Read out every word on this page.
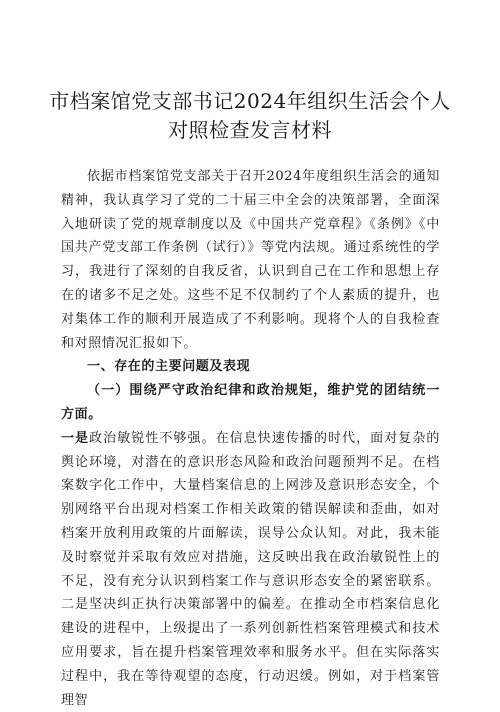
市档案馆党支部书记2024年组织生活会个人
对照检查发言材料

依据市档案馆党支部关于召开2024年度组织生活会的通知精神，我认真学习了党的二十届三中全会的决策部署，全面深入地研读了党的规章制度以及《中国共产党章程》《条例》《中国共产党支部工作条例（试行）》等党内法规。通过系统性的学习，我进行了深刻的自我反省，认识到自己在工作和思想上存在的诸多不足之处。这些不足不仅制约了个人素质的提升，也对集体工作的顺利开展造成了不利影响。现将个人的自我检查和对照情况汇报如下。

一、存在的主要问题及表现

（一）围绕严守政治纪律和政治规矩，维护党的团结统一方面。

一是政治敏锐性不够强。在信息快速传播的时代，面对复杂的舆论环境，对潜在的意识形态风险和政治问题预判不足。在档案数字化工作中，大量档案信息的上网涉及意识形态安全，个别网络平台出现对档案工作相关政策的错误解读和歪曲，如对档案开放利用政策的片面解读，误导公众认知。对此，我未能及时察觉并采取有效应对措施，这反映出我在政治敏锐性上的不足，没有充分认识到档案工作与意识形态安全的紧密联系。二是坚决纠正执行决策部署中的偏差。在推动全市档案信息化建设的进程中，上级提出了一系列创新性档案管理模式和技术应用要求，旨在提升档案管理效率和服务水平。但在实际落实过程中，我在等待观望的态度，行动迟缓。例如，对于档案管理智
